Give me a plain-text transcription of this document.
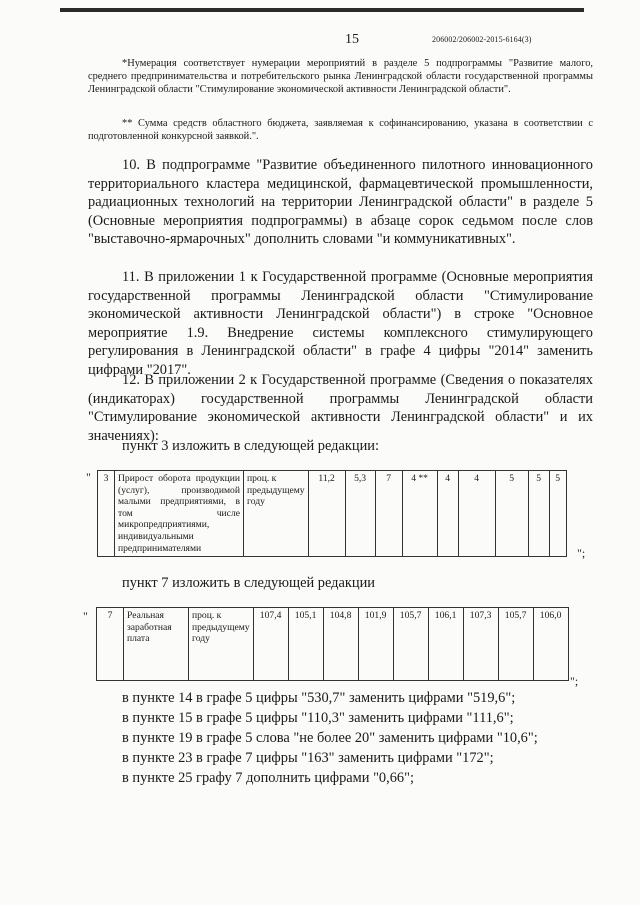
15	206002/206002-2015-6164(3)
*Нумерация соответствует нумерации мероприятий в разделе 5 подпрограммы "Развитие малого, среднего предпринимательства и потребительского рынка Ленинградской области государственной программы Ленинградской области "Стимулирование экономической активности Ленинградской области".
** Сумма средств областного бюджета, заявляемая к софинансированию, указана в соответствии с подготовленной конкурсной заявкой.".
10. В подпрограмме "Развитие объединенного пилотного инновационного территориального кластера медицинской, фармацевтической промышленности, радиационных технологий на территории Ленинградской области" в разделе 5 (Основные мероприятия подпрограммы) в абзаце сорок седьмом после слов "выставочно-ярмарочных" дополнить словами "и коммуникативных".
11. В приложении 1 к Государственной программе (Основные мероприятия государственной программы Ленинградской области "Стимулирование экономической активности Ленинградской области") в строке "Основное мероприятие 1.9. Внедрение системы комплексного стимулирующего регулирования в Ленинградской области" в графе 4 цифры "2014" заменить цифрами "2017".
12. В приложении 2 к Государственной программе (Сведения о показателях (индикаторах) государственной программы Ленинградской области "Стимулирование экономической активности Ленинградской области" и их значениях):
пункт 3 изложить в следующей редакции:
" 3	Прирост оборота продукции (услуг), производимой малыми предприятиями, в том числе микропредприятиями, индивидуальными предпринимателями	проц. к предыдущему году	11,2	5,3	7	4 **	4	4	5	5	5
";
пункт 7 изложить в следующей редакции
" 7	Реальная заработная плата	проц. к предыдущему году	107,4	105,1	104,8	101,9	105,7	106,1	107,3	105,7	106,0
";
в пункте 14 в графе 5 цифры "530,7" заменить цифрами "519,6";
в пункте 15 в графе 5 цифры "110,3" заменить цифрами "111,6";
в пункте 19 в графе 5 слова "не более 20" заменить цифрами "10,6";
в пункте 23 в графе 7 цифры "163" заменить цифрами "172";
в пункте 25 графу 7 дополнить цифрами "0,66";
